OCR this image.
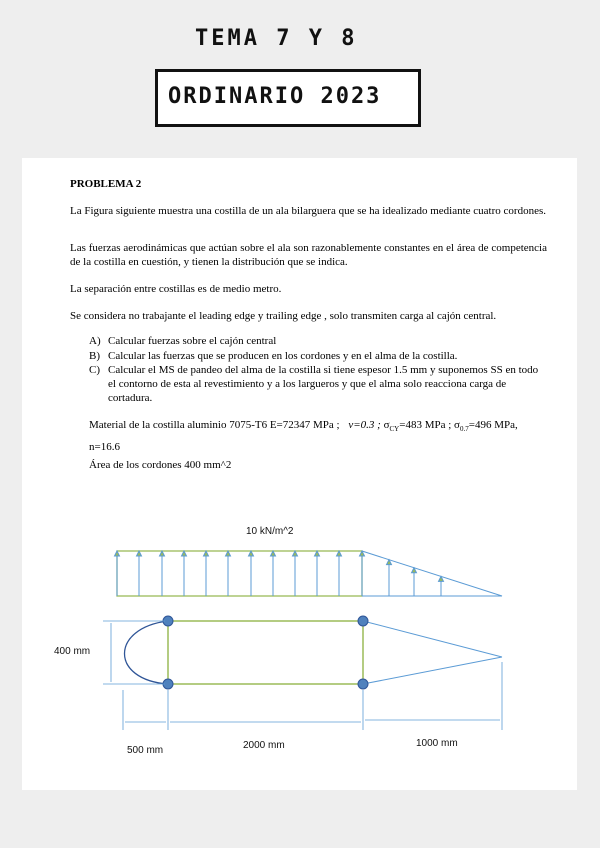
TEMA 7 Y 8
ORDINARIO 2023
PROBLEMA 2
La Figura siguiente muestra una costilla de un ala bilarguera que se ha idealizado mediante cuatro cordones.
Las fuerzas aerodinámicas que actúan sobre el ala son razonablemente constantes en el área de competencia de la costilla en cuestión, y tienen la distribución que se indica.
La separación entre costillas es de medio metro.
Se considera no trabajante el leading edge y trailing edge , solo transmiten carga al cajón central.
A) Calcular fuerzas sobre el cajón central
B) Calcular las fuerzas que se producen en los cordones y en el alma de la costilla.
C) Calcular el MS de pandeo del alma de la costilla si tiene espesor 1.5 mm y suponemos SS en todo el contorno de esta al revestimiento y a los largueros y que el alma solo reacciona carga de cortadura.
Material de la costilla aluminio 7075-T6 E=72347 MPa ; ν=0.3 ; $\sigma_{CY}=483$ MPa ; $\sigma_{0.7}=496$ MPa,
n=16.6
Área de los cordones 400 mm^2
10 kN/m^2
400 mm
500 mm	2000 mm	1000 mm
